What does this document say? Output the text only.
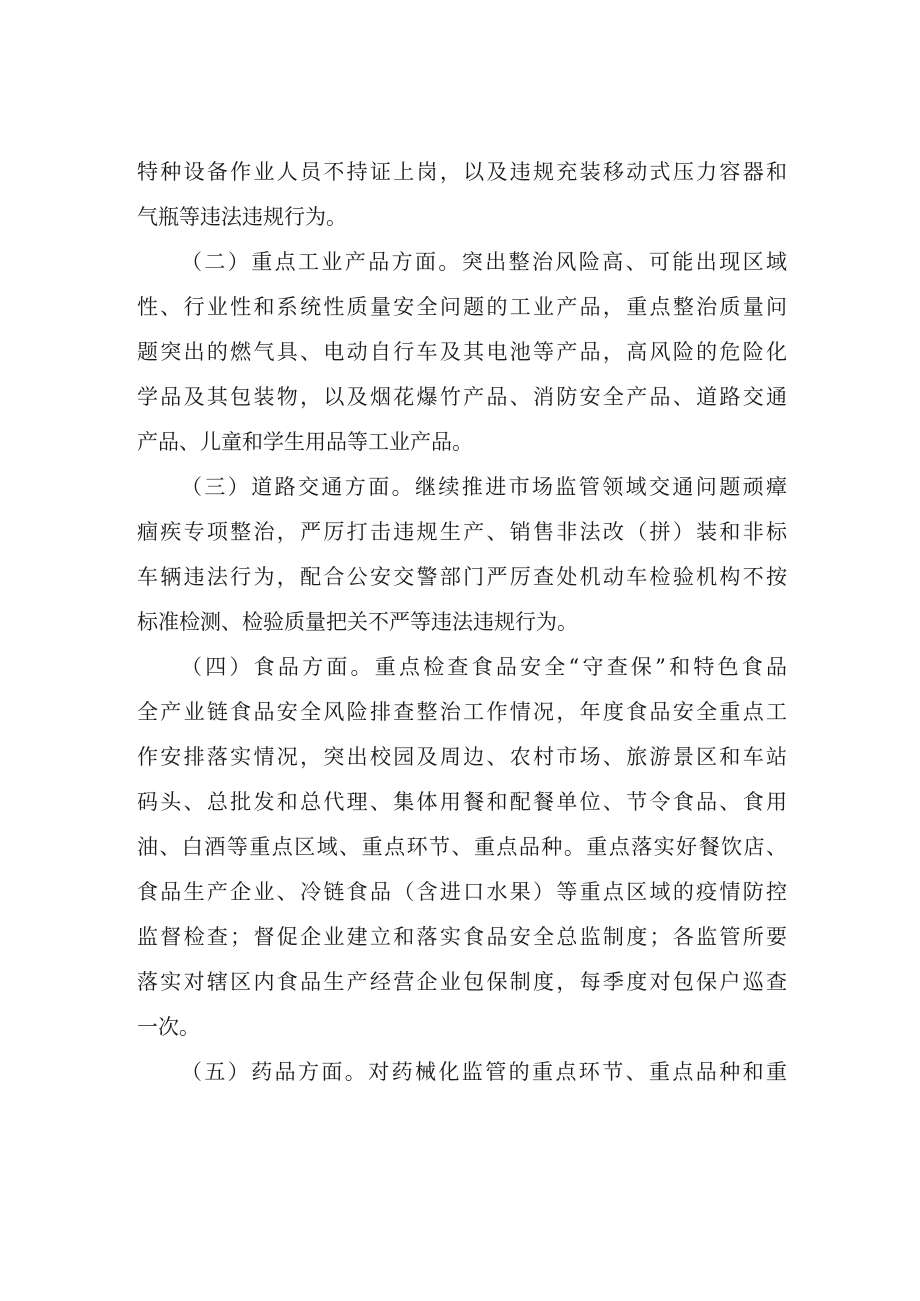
特种设备作业人员不持证上岗，以及违规充装移动式压力容器和
气瓶等违法违规行为。
（二）重点工业产品方面。突出整治风险高、可能出现区域
性、行业性和系统性质量安全问题的工业产品，重点整治质量问
题突出的燃气具、电动自行车及其电池等产品，高风险的危险化
学品及其包装物，以及烟花爆竹产品、消防安全产品、道路交通
产品、儿童和学生用品等工业产品。
（三）道路交通方面。继续推进市场监管领域交通问题顽瘴
痼疾专项整治，严厉打击违规生产、销售非法改（拼）装和非标
车辆违法行为，配合公安交警部门严厉查处机动车检验机构不按
标准检测、检验质量把关不严等违法违规行为。
（四）食品方面。重点检查食品安全“守查保”和特色食品
全产业链食品安全风险排查整治工作情况，年度食品安全重点工
作安排落实情况，突出校园及周边、农村市场、旅游景区和车站
码头、总批发和总代理、集体用餐和配餐单位、节令食品、食用
油、白酒等重点区域、重点环节、重点品种。重点落实好餐饮店、
食品生产企业、冷链食品（含进口水果）等重点区域的疫情防控
监督检查；督促企业建立和落实食品安全总监制度；各监管所要
落实对辖区内食品生产经营企业包保制度，每季度对包保户巡查
一次。
（五）药品方面。对药械化监管的重点环节、重点品种和重
